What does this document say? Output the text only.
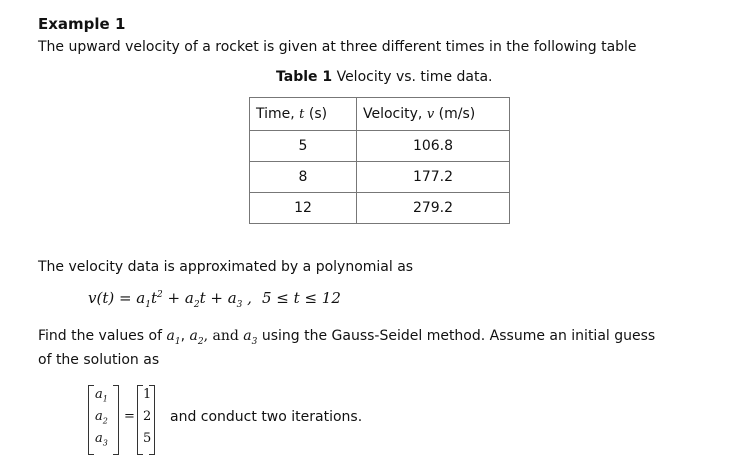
Example 1
The upward velocity of a rocket is given at three different times in the following table
Table 1 Velocity vs. time data.
Time, t (s)	Velocity, v (m/s)
5	106.8
8	177.2
12	279.2
The velocity data is approximated by a polynomial as
$v(t) = a_1t^2 + a_2t + a_3$ , 5 ≤ t ≤ 12
Find the values of $a_1$, $a_2$, and $a_3$ using the Gauss-Seidel method. Assume an initial guess
of the solution as
$a_1$
$a_2$
$a_3$
=
1
2
5
and conduct two iterations.
